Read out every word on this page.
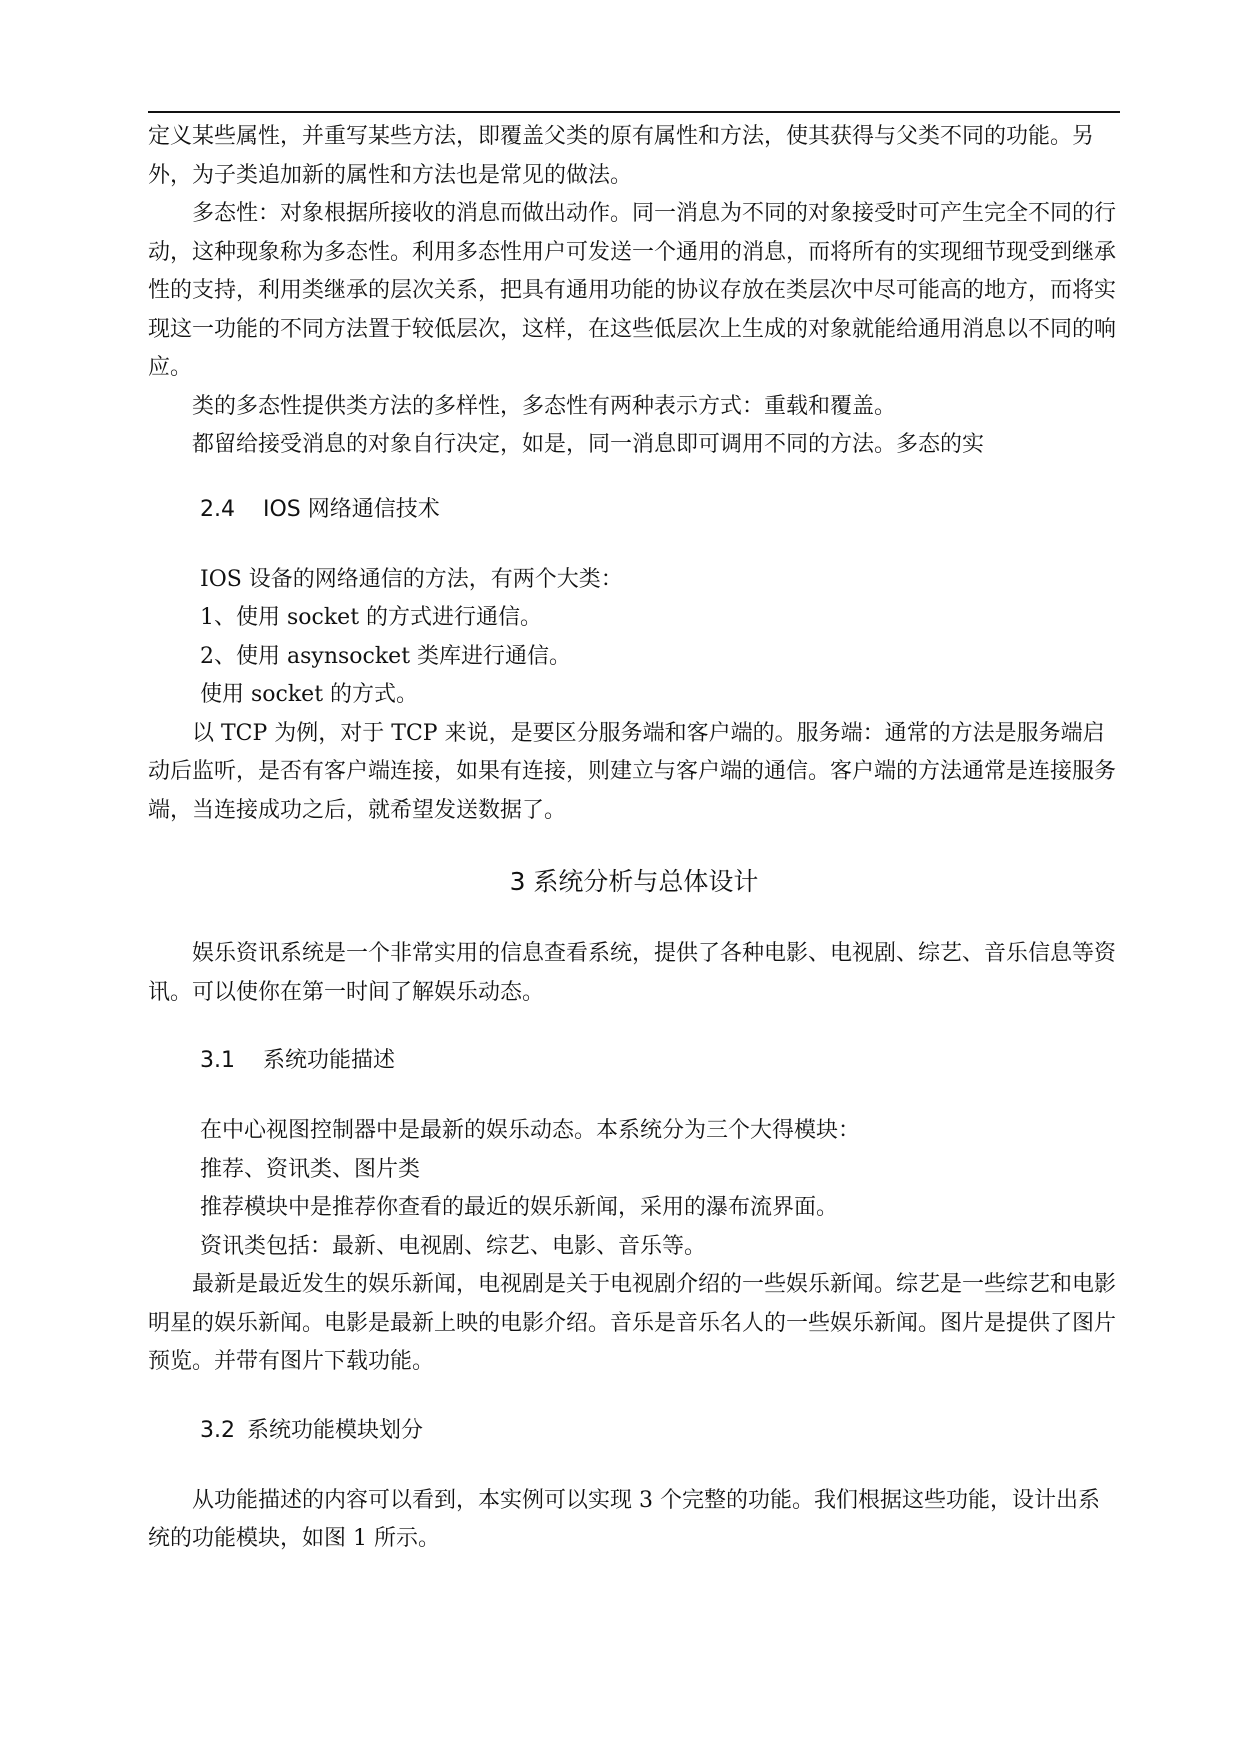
定义某些属性，并重写某些方法，即覆盖父类的原有属性和方法，使其获得与父类不同的功能。另外，为子类追加新的属性和方法也是常见的做法。

多态性：对象根据所接收的消息而做出动作。同一消息为不同的对象接受时可产生完全不同的行动，这种现象称为多态性。利用多态性用户可发送一个通用的消息，而将所有的实现细节现受到继承性的支持，利用类继承的层次关系，把具有通用功能的协议存放在类层次中尽可能高的地方，而将实现这一功能的不同方法置于较低层次，这样，在这些低层次上生成的对象就能给通用消息以不同的响应。

类的多态性提供类方法的多样性，多态性有两种表示方式：重载和覆盖。

都留给接受消息的对象自行决定，如是，同一消息即可调用不同的方法。多态的实

2.4 IOS 网络通信技术

IOS 设备的网络通信的方法，有两个大类：

1、使用 socket 的方式进行通信。

2、使用 asynsocket 类库进行通信。

使用 socket 的方式。

以 TCP 为例，对于 TCP 来说，是要区分服务端和客户端的。服务端：通常的方法是服务端启动后监听，是否有客户端连接，如果有连接，则建立与客户端的通信。客户端的方法通常是连接服务端，当连接成功之后，就希望发送数据了。

3 系统分析与总体设计

娱乐资讯系统是一个非常实用的信息查看系统，提供了各种电影、电视剧、综艺、音乐信息等资讯。可以使你在第一时间了解娱乐动态。

3.1 系统功能描述

在中心视图控制器中是最新的娱乐动态。本系统分为三个大得模块：

推荐、资讯类、图片类

推荐模块中是推荐你查看的最近的娱乐新闻，采用的瀑布流界面。

资讯类包括：最新、电视剧、综艺、电影、音乐等。

最新是最近发生的娱乐新闻，电视剧是关于电视剧介绍的一些娱乐新闻。综艺是一些综艺和电影明星的娱乐新闻。电影是最新上映的电影介绍。音乐是音乐名人的一些娱乐新闻。图片是提供了图片预览。并带有图片下载功能。

3.2 系统功能模块划分

从功能描述的内容可以看到，本实例可以实现 3 个完整的功能。我们根据这些功能，设计出系统的功能模块，如图 1 所示。
